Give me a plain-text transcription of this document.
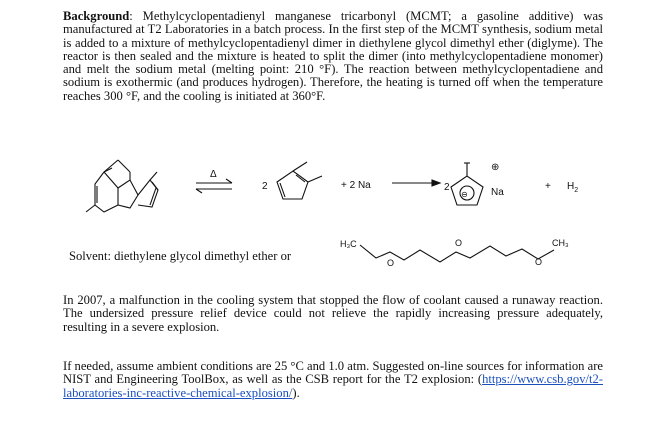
Background: Methylcyclopentadienyl manganese tricarbonyl (MCMT; a gasoline additive) was manufactured at T2 Laboratories in a batch process. In the first step of the MCMT synthesis, sodium metal is added to a mixture of methylcyclopentadienyl dimer in diethylene glycol dimethyl ether (diglyme). The reactor is then sealed and the mixture is heated to split the dimer (into methylcyclopentadiene monomer) and melt the sodium metal (melting point: 210 °F). The reaction between methylcyclopentadiene and sodium is exothermic (and produces hydrogen). Therefore, the heating is turned off when the temperature reaches 300 °F, and the cooling is initiated at 360°F.
Δ
2	+ 2 Na	2
⊖
⊕
Na
+ $H_2$
H₃C
O
O
O
CH₃
Solvent: diethylene glycol dimethyl ether or
In 2007, a malfunction in the cooling system that stopped the flow of coolant caused a runaway reaction. The undersized pressure relief device could not relieve the rapidly increasing pressure adequately, resulting in a severe explosion.
If needed, assume ambient conditions are 25 °C and 1.0 atm. Suggested on-line sources for information are NIST and Engineering ToolBox, as well as the CSB report for the T2 explosion: (https://www.csb.gov/t2-laboratories-inc-reactive-chemical-explosion/).
